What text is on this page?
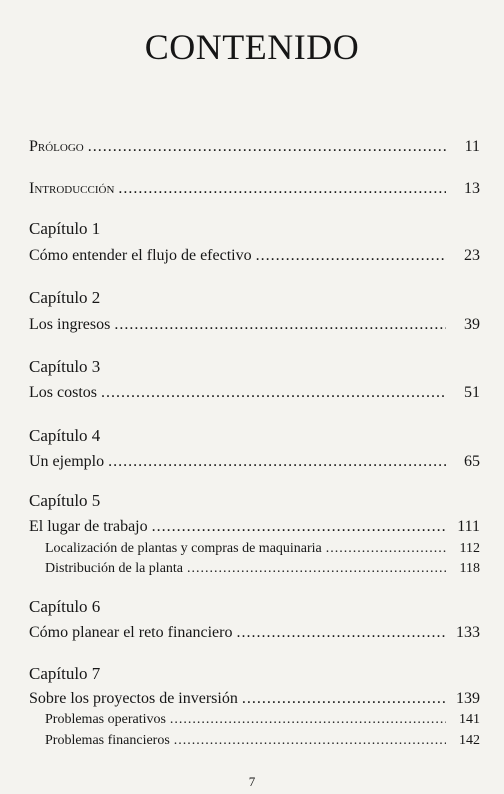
CONTENIDO
Prólogo .....	11
Introducción .....	13
Capítulo 1
Cómo entender el flujo de efectivo .....	23
Capítulo 2
Los ingresos .....	39
Capítulo 3
Los costos .....	51
Capítulo 4
Un ejemplo .....	65
Capítulo 5
El lugar de trabajo .....	111
Localización de plantas y compras de maquinaria .....	112
Distribución de la planta .....	118
Capítulo 6
Cómo planear el reto financiero .....	133
Capítulo 7
Sobre los proyectos de inversión .....	139
Problemas operativos .....	141
Problemas financieros .....	142
7
